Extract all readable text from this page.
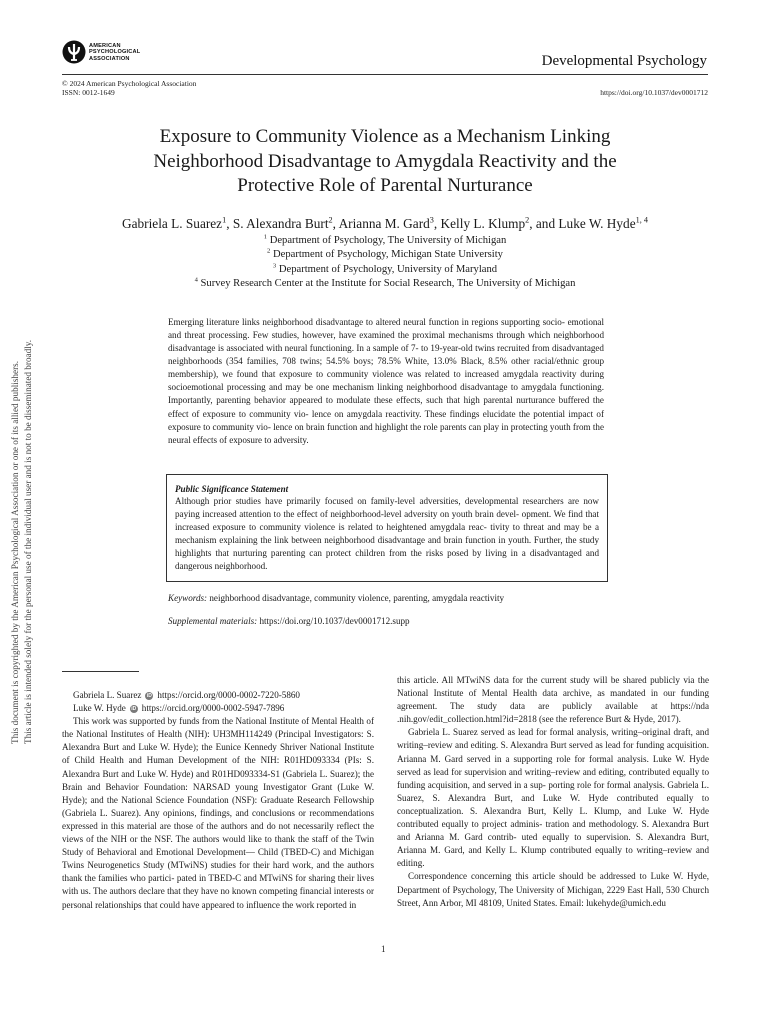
This document is copyrighted by the American Psychological Association or one of its allied publishers. This article is intended solely for the personal use of the individual user and is not to be disseminated broadly.
AMERICAN
PSYCHOLOGICAL
ASSOCIATION	Developmental Psychology
© 2024 American Psychological Association
ISSN: 0012-1649	https://doi.org/10.1037/dev0001712
Exposure to Community Violence as a Mechanism Linking
Neighborhood Disadvantage to Amygdala Reactivity and the
Protective Role of Parental Nurturance
Gabriela L. Suarez$^1$, S. Alexandra Burt$^2$, Arianna M. Gard$^3$, Kelly L. Klump$^2$, and Luke W. Hyde$^{1, 4}$
$^1$ Department of Psychology, The University of Michigan
$^2$ Department of Psychology, Michigan State University
$^3$ Department of Psychology, University of Maryland
$^4$ Survey Research Center at the Institute for Social Research, The University of Michigan
Emerging literature links neighborhood disadvantage to altered neural function in regions supporting socio- emotional and threat processing. Few studies, however, have examined the proximal mechanisms through which neighborhood disadvantage is associated with neural functioning. In a sample of 7- to 19-year-old twins recruited from disadvantaged neighborhoods (354 families, 708 twins; 54.5% boys; 78.5% White, 13.0% Black, 8.5% other racial/ethnic group membership), we found that exposure to community violence was related to increased amygdala reactivity during socioemotional processing and may be one mechanism linking neighborhood disadvantage to amygdala functioning. Importantly, parenting behavior appeared to modulate these effects, such that high parental nurturance buffered the effect of exposure to community vio- lence on amygdala reactivity. These findings elucidate the potential impact of exposure to community vio- lence on brain function and highlight the role parents can play in protecting youth from the neural effects of exposure to adversity.
Public Significance Statement
Although prior studies have primarily focused on family-level adversities, developmental researchers are now paying increased attention to the effect of neighborhood-level adversity on youth brain devel- opment. We find that increased exposure to community violence is related to heightened amygdala reac- tivity to threat and may be a mechanism explaining the link between neighborhood disadvantage and brain function in youth. Further, the study highlights that nurturing parenting can protect children from the risks posed by living in a disadvantaged and dangerous neighborhood.
Keywords: neighborhood disadvantage, community violence, parenting, amygdala reactivity
Supplemental materials: https://doi.org/10.1037/dev0001712.supp
Gabriela L. Suarez	iD https://orcid.org/0000-0002-7220-5860
Luke W. Hyde	iD https://orcid.org/0000-0002-5947-7896

This work was supported by funds from the National Institute of Mental Health of the National Institutes of Health (NIH): UH3MH114249 (Principal Investigators: S. Alexandra Burt and Luke W. Hyde); the Eunice Kennedy Shriver National Institute of Child Health and Human Development of the NIH: R01HD093334 (PIs: S. Alexandra Burt and Luke W. Hyde) and R01HD093334-S1 (Gabriela L. Suarez); the Brain and Behavior Foundation: NARSAD young Investigator Grant (Luke W. Hyde); and the National Science Foundation (NSF): Graduate Research Fellowship (Gabriela L. Suarez). Any opinions, findings, and conclusions or recommendations expressed in this material are those of the authors and do not necessarily reflect the views of the NIH or the NSF. The authors would like to thank the staff of the Twin Study of Behavioral and Emotional Development— Child (TBED-C) and Michigan Twins Neurogenetics Study (MTwiNS) studies for their hard work, and the authors thank the families who partici- pated in TBED-C and MTwiNS for sharing their lives with us. The authors declare that they have no known competing financial interests or personal relationships that could have appeared to influence the work reported in

this article. All MTwiNS data for the current study will be shared publicly via the National Institute of Mental Health data archive, as mandated in our funding agreement. The study data are publicly available at https://nda .nih.gov/edit_collection.html?id=2818 (see the reference Burt & Hyde, 2017).

Gabriela L. Suarez served as lead for formal analysis, writing–original draft, and writing–review and editing. S. Alexandra Burt served as lead for funding acquisition. Arianna M. Gard served in a supporting role for formal analysis. Luke W. Hyde served as lead for supervision and writing–review and editing, contributed equally to funding acquisition, and served in a sup- porting role for formal analysis. Gabriela L. Suarez, S. Alexandra Burt, and Luke W. Hyde contributed equally to conceptualization. S. Alexandra Burt, Kelly L. Klump, and Luke W. Hyde contributed equally to project adminis- tration and methodology. S. Alexandra Burt and Arianna M. Gard contrib- uted equally to supervision. S. Alexandra Burt, Arianna M. Gard, and Kelly L. Klump contributed equally to writing–review and editing.

Correspondence concerning this article should be addressed to Luke W. Hyde, Department of Psychology, The University of Michigan, 2229 East Hall, 530 Church Street, Ann Arbor, MI 48109, United States. Email: lukehyde@umich.edu

1
